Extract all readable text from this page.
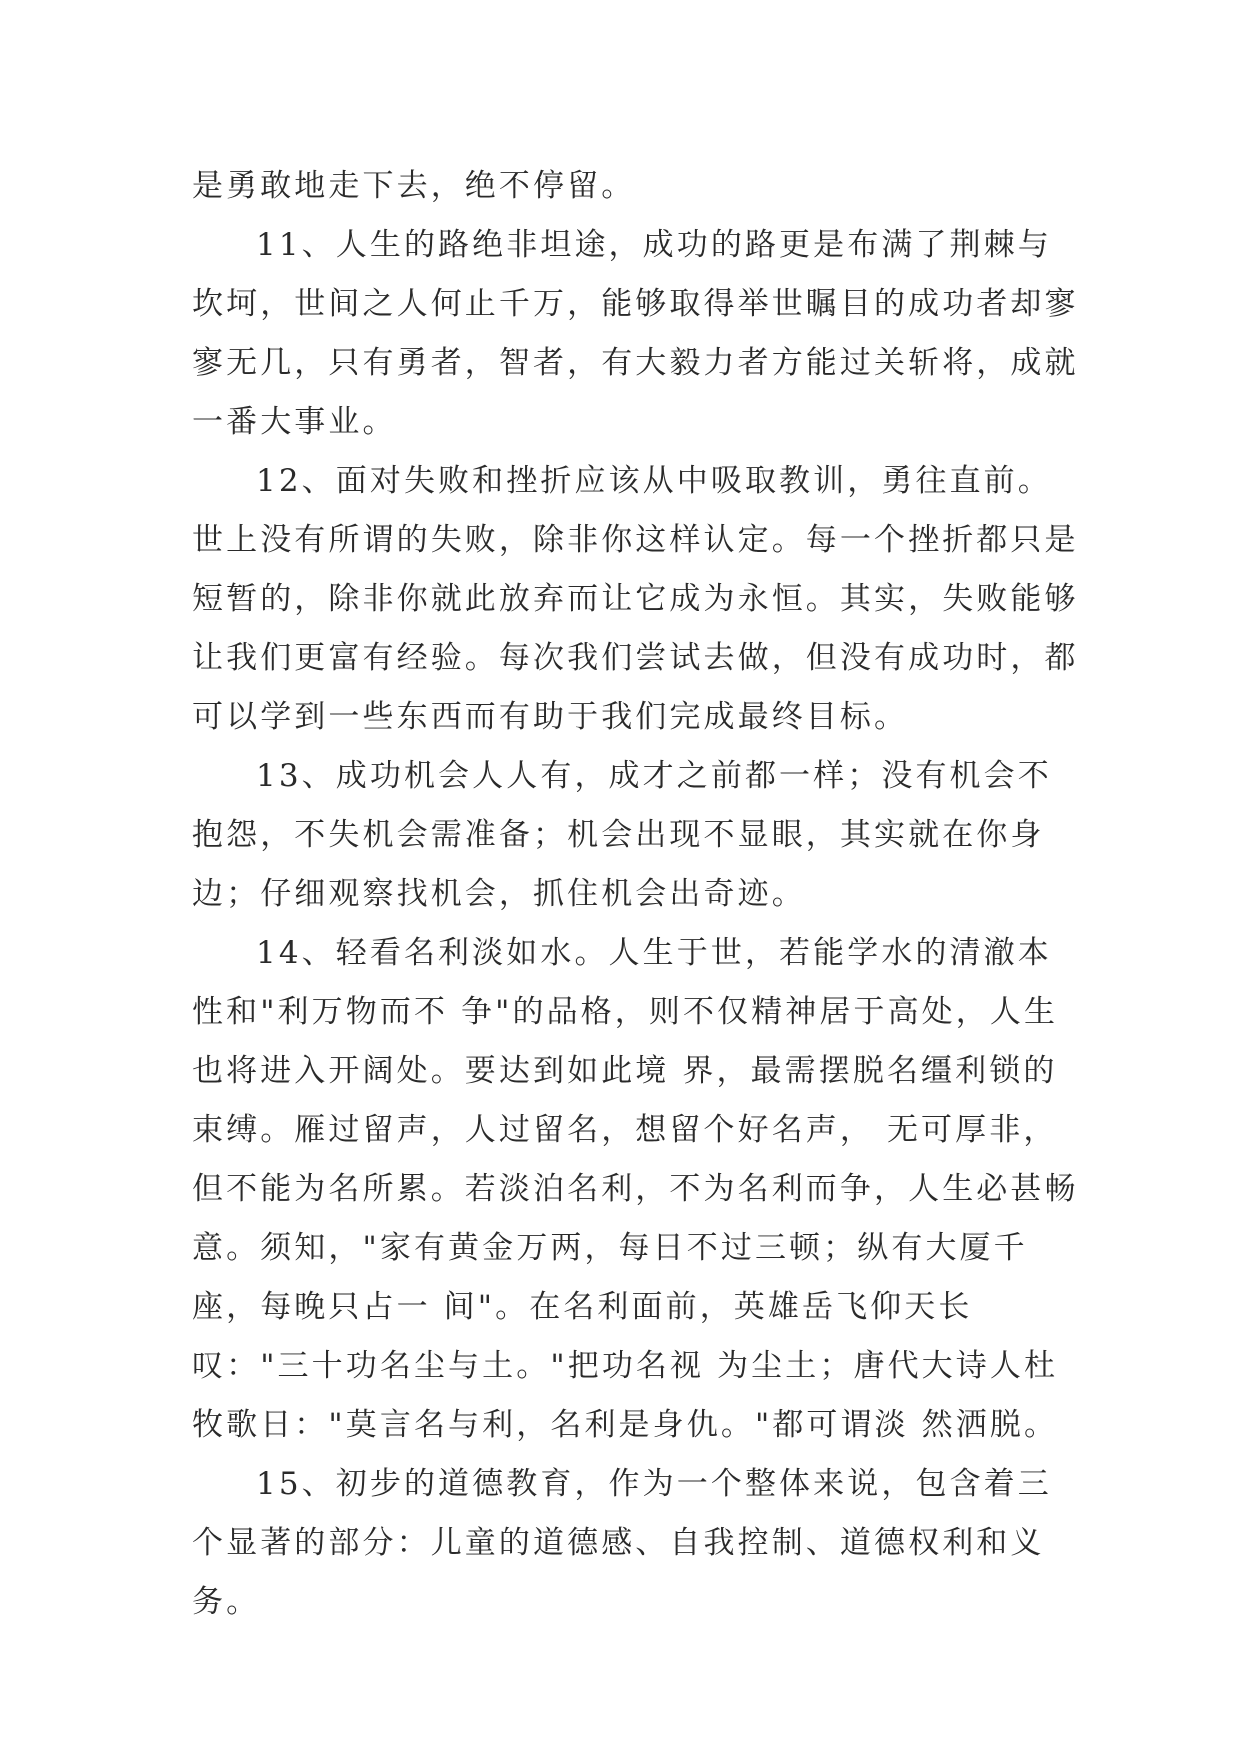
是勇敢地走下去，绝不停留。

11、人生的路绝非坦途，成功的路更是布满了荆棘与坎坷，世间之人何止千万，能够取得举世瞩目的成功者却寥寥无几，只有勇者，智者，有大毅力者方能过关斩将，成就一番大事业。

12、面对失败和挫折应该从中吸取教训，勇往直前。世上没有所谓的失败，除非你这样认定。每一个挫折都只是短暂的，除非你就此放弃而让它成为永恒。其实，失败能够让我们更富有经验。每次我们尝试去做，但没有成功时，都可以学到一些东西而有助于我们完成最终目标。

13、成功机会人人有，成才之前都一样；没有机会不抱怨，不失机会需准备；机会出现不显眼，其实就在你身边；仔细观察找机会，抓住机会出奇迹。

14、轻看名利淡如水。人生于世，若能学水的清澈本性和"利万物而不 争"的品格，则不仅精神居于高处，人生也将进入开阔处。要达到如此境 界，最需摆脱名缰利锁的束缚。雁过留声，人过留名，想留个好名声， 无可厚非，但不能为名所累。若淡泊名利，不为名利而争，人生必甚畅意。须知，"家有黄金万两，每日不过三顿；纵有大厦千座，每晚只占一 间"。在名利面前，英雄岳飞仰天长叹："三十功名尘与土。"把功名视 为尘土；唐代大诗人杜牧歌日："莫言名与利，名利是身仇。"都可谓淡 然洒脱。

15、初步的道德教育，作为一个整体来说，包含着三个显著的部分：儿童的道德感、自我控制、道德权利和义务。
